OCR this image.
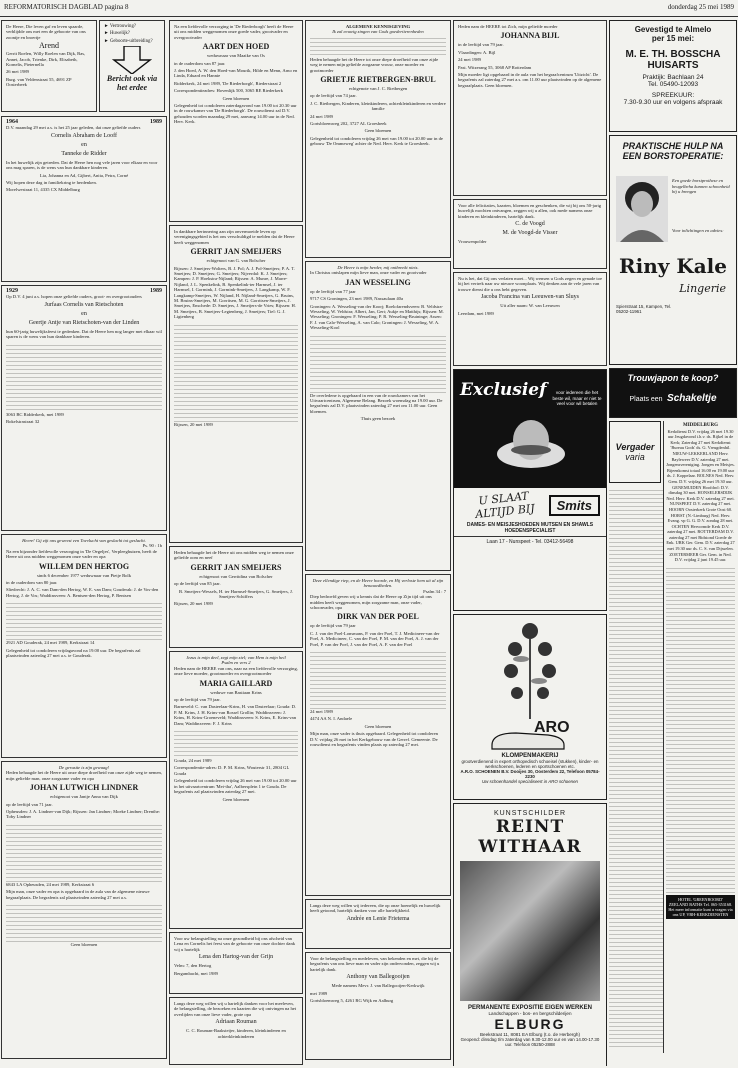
REFORMATORISCH DAGBLAD pagina 8	donderdag 25 mei 1989

De Heere, Die leven gaf en leven spaarde, verblijdde ons met een de geboorte van ons zoontje en broertje

Arend

Gerrit Roelen, Willy Roelen van Dijk, Bas, Annet, Jacob, Trienke, Dirk, Elisabeth, Kornelis, Pieternella

26 mei 1989

Burg. van Veldenstraat 55, 4691 ZP Oosterbeek

► Vertrouwing?

► Huwelijk?

► Geboorte-uitbreiding?

Bericht ook via het erdee
1964	1989

D.V. maandag 29 mei a.s. is het 25 jaar geleden, dat onze geliefde ouders

Cornelis Abraham de Looff
en
Tanneke de Ridder

In het huwelijk zijn getreden. Dat de Heere hen nog vele jaren voor elkaar en voor ons mag sparen, is de wens van hun dankbare kinderen.

Lia, Johanna en Ad, Gijbert, Anita, Petra, Corné

Wij hopen deze dag in familiekring te herdenken.

Morelwestraat 11, 4335 CX Middelburg

1929	1989

Op D.V. 4 juni a.s. hopen onze geliefde ouders, groot- en overgrootouders

Jurfaas Cornelis van Rietschoten
en
Geertje Antje van Rietschoten-van der Linden

hun 60-jarig huwelijksfeest te gedenken. Dat de Heere hen nog langer met elkaar wil sparen is de wens van hun dankbare kinderen.

3063 BC Ridderkerk, mei 1989

Bokelstrastraat 32

Heere! Gij zijt ons geweest een Toevlucht van geslacht tot geslacht.
Ps. 90 : 1b

Na een bijzonder liefdevolle verzorging in 'De Oegeljes', Verpleeghuizen, heeft de Heere uit ons midden weggenomen onze vader en opa

WILLEM DEN HERTOG

sinds 6 december 1977 weduwnaar van Pietje Bolk

in de ouderdom van 80 jaar.

Sliedrecht: J. A. C. van Dam-den Hertog, W. E. van Dam; Gouderak: J. de Vos-den Hertog, J. de Vos; Waddinxveen: A. Bentsen-den Hertog, P. Bentsen

2921 AD Gouderak, 24 mei 1989, Kerkstraat 14

Gelegenheid tot condoleren vrijdagavond na 19.00 uur. De begrafenis zal plaatsvinden zaterdag 27 mei a.s. te Gouderak.

De gerustte is zijn gewaag!

Heden behaagde het de Heere uit onze diepe droefheid van onze zijde weg te nemen, mijn geliefde man, onze zorgzame vader en opa

JOHAN LUTWICH LINDNER

echtgenoot van Jantje Anna van Dijk

op de leeftijd van 71 jaar.

Opheusden: J. A. Lindner-van Dijk; Rijssen: Jan Lindner; Moeke Lindner; Drenthe: Toby Lindner

6843 LA Opheusden, 24 mei 1989, Kerkstraat 6

Mijn man, onze vader en opa is opgebaard in de aula van de algemene nieuwe begraafplaats. De begrafenis zal plaatsvinden zaterdag 27 mei a.s.

Geen bloemen

Na een liefdevolle verzorging in 'De Riederborgh' heeft de Heere uit ons midden weggenomen onze goede vader, grootvader en overgrootvader

AART DEN HOED

weduwnaar van Maaike van Os

in de ouderdom van 87 jaar.

J. den Hoed, A. W. den Hoed-van Mourik, Hilde en Menn, Arno en Linda, Eduard en Hannie

Ridderkerk, 24 mei 1989, 'De Riederborgh', Riederstraat 2

Correspondentieadres: Hovenlijk 500, 3065 RE Riederkerk

Geen bloemen

Gelegenheid tot condoleren zaterdagavond van 19.00 tot 20.30 uur in de rouwkamer van 'De Riederborgh'. De rouwdienst zal D.V. gehouden worden maandag 29 mei, aanvang 14.00 uur in de Ned. Herv. Kerk.

In dankbare herinnering aan zijn onvermoeide leven op verenigingsgebied is het ons verschuldigd te melden dat de Heere heeft weggenomen

GERRIT JAN SMEIJERS

echtgenoot van G. van Bolscher

Rijssen: J. Smeijers-Wolters, B. J. Pol; A. J. Pol-Smeijers; P. A. T. Smeijers; D. Smeijers; G. Smeijers; Nijverdal: K. J. Smeijers; Kampen: J. P. Hoekstra-Nijland; Rijssen: A. Munre, J. Marre-Nijland, J. L. Spenkelink, B. Spenkelink-ter Harmsel, J. ter Harmsel, I. Gormink, J. Gormink-Smeijers, J. Langkamp, W. F. Langkamp-Smeijers, W. Nijland, H. Nijland-Smeijers, G. Bruins, M. Bruins-Smeijers, M. Gorritsen, M. G. Gorritsen-Smeijers, J. Smeijers, Enschede: D. Smeijers, J. Smeijers-de Vries; Rijssen: H. M. Smeijers, B. Smeijers-Legtenberg, J. Smeijers; Tiel: G. J. Ligtenberg

Rijssen, 20 mei 1989

Heden behaagde het de Heere uit ons midden weg te nemen onze geliefde oom en neef

GERRIT JAN SMEIJERS

echtgenoot van Gerritdina van Bolscher

op de leeftijd van 85 jaar.

B. Smeijers-Wessels, H. ter Harmsel-Smeijers, G. Smeijers, J. Smeijers-Schiffers

Rijssen, 20 mei 1989

Jezus is mijn deel, zegt mijn ziel; van Hem is mijn heil
Psalm en vers 2

Heden nam de HEERE van ons, naar na een liefdevolle verzorging, onze lieve moeder, grootmoeder en overgrootmoeder

MARIA GAILLARD

weduwe van Bastiaan Krins

op de leeftijd van 79 jaar.

Barneveld: C. van Dasteelaar-Krins, H. van Dasteelaar; Gouda: D. P. M. Krins, J. H. Krins-van Rossel Grollin; Waddinxveen: J. Krins, H. Krins-Groeneveld; Waddinxveen: S. Krins, E. Krins-van Dam; Waddinxveen: F. J. Krins

Gouda, 24 mei 1989

Correspondentie-adres: D. P. M. Krins, Wouterstr 31, 2804 GL Gouda

Gelegenheid tot condoleren vrijdag 26 mei van 19.00 tot 20.00 uur in het uitvaartcentrum 'Mei-tha', Aalbersplein 1 te Gouda. De begrafenis zal plaatsvinden zaterdag 27 mei.

Geen bloemen

Voor uw belangstelling na onze gezondheid bij ons afscheid van Lena en Cornelis het feest van de geboorte van onze dochter dank wij u hartelijk

Lena den Hartog-van der Grijn

Velm: 7, den Hertog

Bergambacht, mei 1989

Langs deze weg willen wij u hartelijk danken voor het meeleven, de belangstelling, de bezoeken en kaarten die wij ontvingen na het overlijden van onze lieve vader, grote opa

Adriaan Rouman

C. C. Rouman-Baaksteijer, kinderen, kleinkinderen en achterkleinkinderen

ALGEMENE KENNISGEVING
Ik zal eeuwig zingen van Gods goedertierenheden

Heden behaagde het de Heere tot onze diepe droefheid van onze zijde weg te nemen mijn geliefde zorgzame vrouw, onze moeder en grootmoeder

GRIETJE RIETBERGEN-BRUL

echtgenote van J. C. Rietbergen

op de leeftijd van 74 jaar.

J. C. Rietbergen, Kinderen, kleinkinderen, achterkleinkinderen en verdere familie

24 mei 1989

Gortsbloemweg 202, 3727 AL Groesbeek

Geen bloemen

Gelegenheid tot condoleren vrijdag 26 mei van 19.00 tot 20.00 uur in de gebouw 'De Ommeweg' achter de Ned. Herv. Kerk te Groesbeek.

De Heere is mijn herder, mij ontbreekt niets.

In Christus ontslapen mijn lieve man, onze vader en grootvader

JAN WESSELING

op de leeftijd van 77 jaar

9717 CS Groningen, 23 mei 1989, Nassaulaan 40a

Groningen: A. Wesseling-van der Koorj; Roelofarendsveen: B. Veldstra-Wesseling, W. Veldstra; Albert, Jan, Gert; Aukje en Matthijs; Rijssen: M. Wesseling; Groningen: F. Wesseling; P. R. Wesseling-Bruininge; Assen: F. J. van Calo-Wesseling, A. van Calo; Groningen: J. Wesseling, W. A. Wesseling-Kool

De overledene is opgebaard in een van de rouwkamers van het Uitvaartcentrum, Algemene Belang. Bezoek woensdag na 19.00 uur. De begrafenis zal D.V. plaatsvinden zaterdag 27 mei om 11.00 uur. Geen bloemen.

Thuis geen bezoek

Deze ellendige riep, en de Heere hoorde, en Hij verloste hem uit al zijn benauwdheden.
Psalm 34 : 7

Diep bedroefd geven wij u kennis dat de Heere op Zijn tijd uit ons midden heeft weggenomen, mijn zorgzame man, onze vader, schoonvader, opa

DIRK VAN DER POEL

op de leeftijd van 79 jaar

C. J. van der Poel-Lonsmans, P. van der Poel, T. J. Medicineer-van der Poel, A. Medicineer, C. van der Poel, P. M. van der Poel, A. J. van der Poel, P. van der Poel, J. van der Poel, A. F. van der Poel

24 mei 1989

4474 AA N. I. Andaele

Geen bloemen

Mijn man, onze vader is thuis opgebaard. Gelegenheid tot condoleren D.V. vrijdag 26 mei in het Kerkgebouw van de Gerref. Gemeente. De rouwdienst en begrafenis vinden plaats op zaterdag 27 mei.

Langs deze weg willen wij iedereen, die op onze hoenelijk en huwelijk heeft getoond, hartelijk danken voor alle hartelijkheid.

Andrée en Lenie Frietema

Voor de belangstelling en medeleven, van bekenden en met, die bij de begrafenis van ons lieve man en vader zijn ondervonden, zeggen wij u hartelijk dank.

Anthony van Ballegooijen

Mede namens Mevr. J. van Ballegooijen-Kerkwijk

mei 1989

Gortsbloemweg 5, 4261 RG Wijk en Aalburg

Heden nam de HEERE tot Zich, mijn geliefde moeder

JOHANNA BIJL

in de leeftijd van 79 jaar.

Vlaardingen: A. Bijl

24 mei 1989

Past. Witzerang 55, 3068 AP Rotterdam

Mijn moeder ligt opgebaard in de aula van het begraafcentrum 'Uitzicht'. De begrafenis zal zaterdag 27 mei a.s. om 11.00 uur plaatsvinden op de algemene begraafplaats. Geen bloemen.

Voor alle felicitaties, kaarten, bloemen en geschenken, die wij bij ons 50-jarig huwelijk mochten ontvangen, zeggen wij u allen, ook mede namens onze kinderen en kleinkinderen, hartelijk dank.

C. de Voogd
M. de Voogd-de Visser

Vrouwenpolder

Nu is het, dat Gij ons verlaten moet... Wij wensen u Gods zegen en genade toe bij het vertrek naar uw nieuwe woonplaats. Wij denken aan de vele jaren van trouwe dienst die u ons hebt gegeven.

Jacoba Francina van Leeuwen-van Sluys

Uit aller naam: W. van Leeuwen

Leerdam, mei 1989

Exclusief	voor iedereen die het beste wil, maar er niet te veel voor wil betalen
U SLAAT ALTIJD BIJ	Smits
DAMES- EN MEISJESHOEDEN MUTSEN EN SHAWLS HOEDENSPECIALIST
Laan 17 - Nunspeet - Tel. 03412-56498
ARO
KLOMPENMAKERIJ
grootverdienend in expert orthopedisch schoeisel (stukken), kinder- en werkschoenen, lederen en sportschoenen etc.
A.R.O. SCHOENEN B.V. Dooijes 30, Oosterdem 22, Telefoon 05784-2230
Uw schoenhandel specialiseert in ARO schoenen
KUNSTSCHILDER
REINT WITHAAR
PERMANENTE EXPOSITIE EIGEN WERKEN
Landschappen - bos- en bergschilderijen
ELBURG
Beekstraat 11, 8081 EA Elburg (t.o. de Herbergh)
Geopend: dinsdag t/m zaterdag van 9.30-12.00 uur en van 14.00-17.30 uur. Telefoon 05250-2888
Gevestigd te Almelo
per 15 mei:
M. E. TH. BOSSCHA
HUISARTS
Praktijk: Bachlaan 24
Tel. 05490-12093
SPREEKUUR:
7.30-9.30 uur en volgens afspraak
PRAKTISCHE HULP NA EEN BORSTOPERATIE:
Een goede borstprothese en beugelbeha kunnen schoonheid bij u brengen
Voor inlichtingen en advies:
Riny Kale
Lingerie
Spierstraat 15, Kampen, Tel. 05202-11961
Trouwjapon te koop?
Plaats een Schakeltje
Vergader
varia
MIDDELBURG

Kerkdienst D.V. vrijdag 26 mei 19.30 uur Jeugdavond i.h.v. ds. Rijkel in de Kerk; Zaterdag 27 mei Kerkdienst 'Bureau Gods' ds. G. Vreugdenhil. NIEUW-LEKKERLAND Herv. Bayleweer D.V. zaterdag 27 mei. Jongensvereniging. Jongen en Meisjes. Bijeenkomst totaal 16.00 en 19.00 uur ds. J. Koppelaar. BOLNES Ned. Herv. Gem. D.V. vrijdag 26 mei 19.30 uur. GENEMUIDEN Hoofdrol: D.V. dinsdag 30 mei. HONSELERSDIJK Ned. Herv. Kerk D.V. zaterdag 27 mei. NUNSPEET D.V. zaterdag 27 mei. HOORN Oosterkerk Grote Oost 60. HORST (N.-Limburg) Ned. Herv. Evang. vp G. G. D.V. zondag 28 mei. OCHTEN Hervormde Kerk D.V. zaterdag 27 mei. ROTTERDAM D.V. zaterdag 27 mei Bidstond Goede de Enk. URK Ger. Gem. D.V. zaterdag 27 mei 19.30 uur ds. C. S. van Dijsselen. ZOETERMEER Ger. Gem. in Ned. D.V. vrijdag 2 juni 19.45 uur.

HOTEL 'GREENBOORD' ZEELAND BATHS Tel. 065-353168. Het meer informatie kunt u vragen via ons UP, VBH-KERKDIENSTEN
